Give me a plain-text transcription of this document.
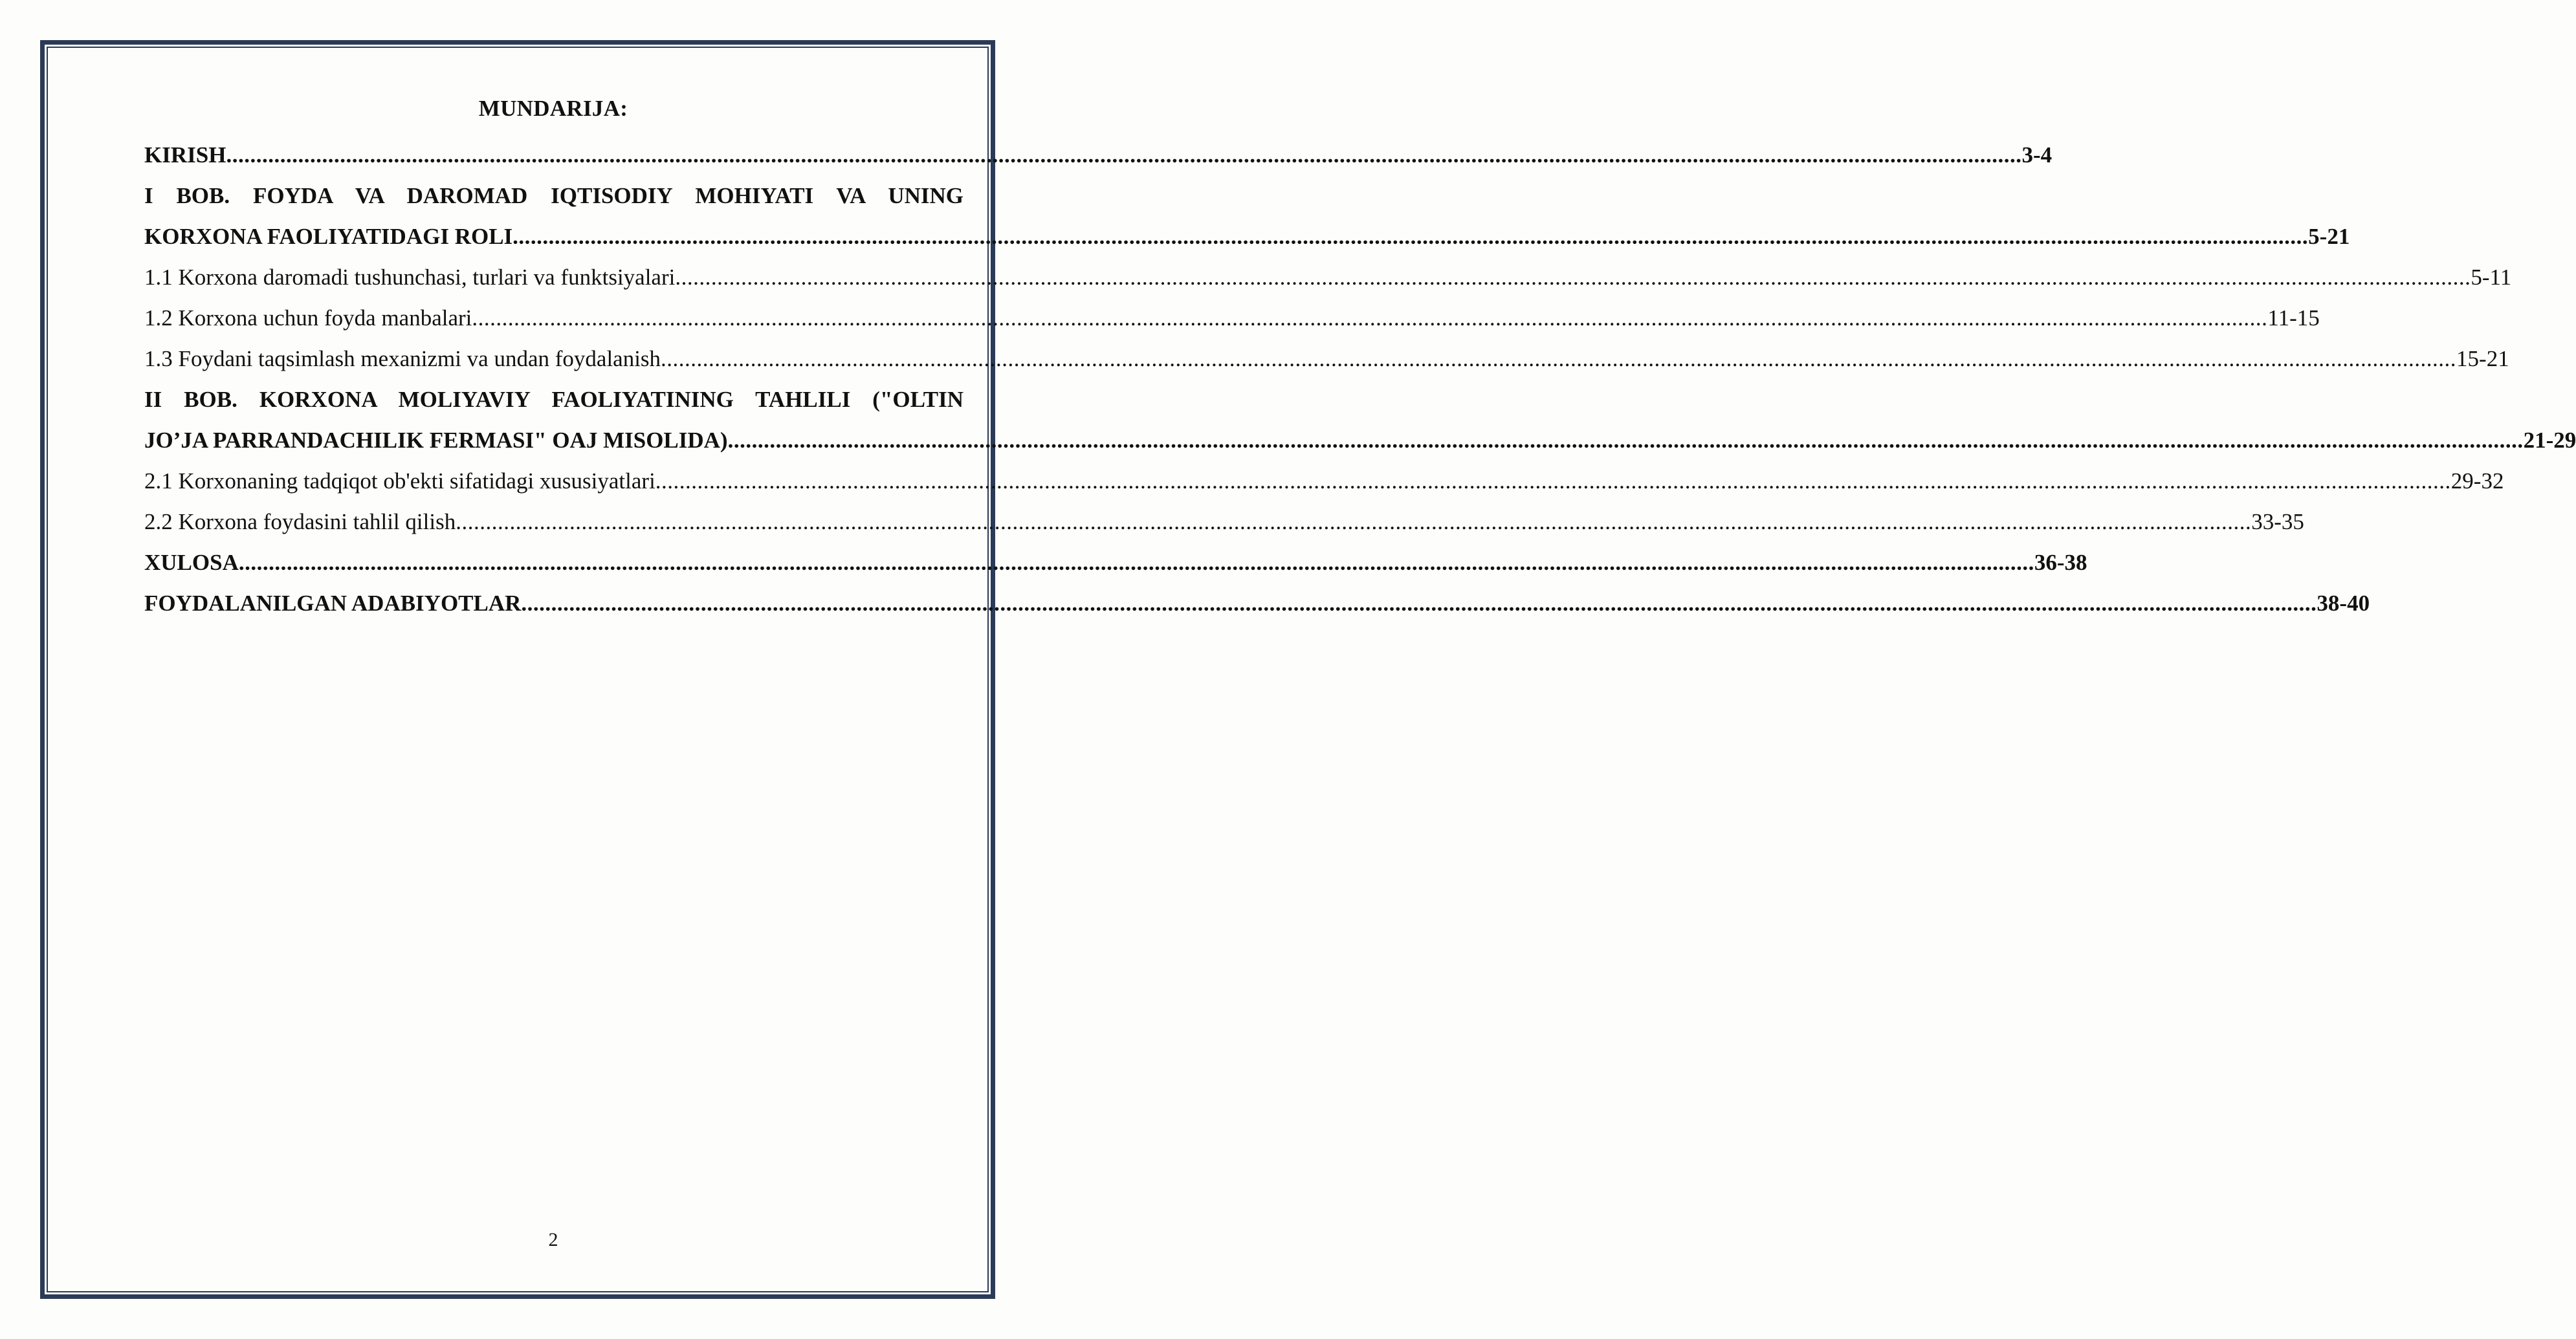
MUNDARIJA:
KIRISH ............................................................................................................................................................................................................................................................................................................ 3-4
I BOB. FOYDA VA DAROMAD IQTISODIY MOHIYATI VA UNING
KORXONA FAOLIYATIDAGI ROLI ............................................................................................................................................................................................................................................................................................................ 5-21
1.1 Korxona daromadi tushunchasi, turlari va funktsiyalari ............................................................................................................................................................................................................................................................................................................ 5-11
1.2 Korxona uchun foyda manbalari ............................................................................................................................................................................................................................................................................................................ 11-15
1.3 Foydani taqsimlash mexanizmi va undan foydalanish ............................................................................................................................................................................................................................................................................................................ 15-21
II BOB. KORXONA MOLIYAVIY FAOLIYATINING TAHLILI ("OLTIN
JO’JA PARRANDACHILIK FERMASI" OAJ MISOLIDA) ............................................................................................................................................................................................................................................................................................................ 21-29
2.1 Korxonaning tadqiqot ob'ekti sifatidagi xususiyatlari ............................................................................................................................................................................................................................................................................................................ 29-32
2.2 Korxona foydasini tahlil qilish ............................................................................................................................................................................................................................................................................................................ 33-35
XULOSA ............................................................................................................................................................................................................................................................................................................ 36-38
FOYDALANILGAN ADABIYOTLAR ............................................................................................................................................................................................................................................................................................................ 38-40
2
